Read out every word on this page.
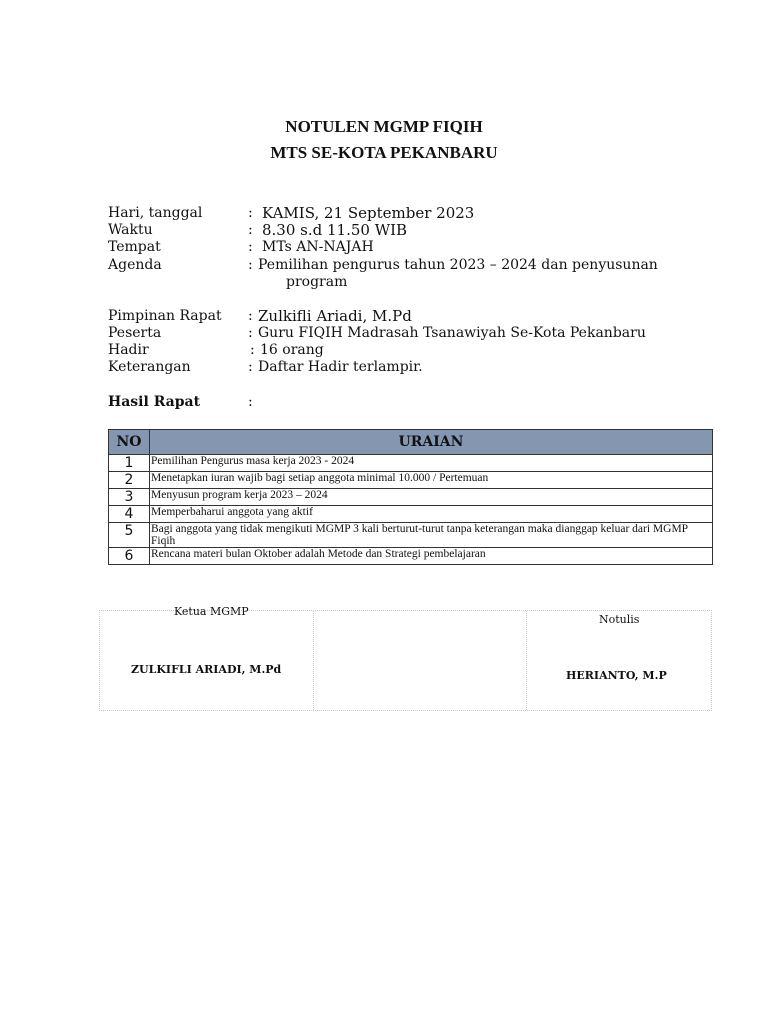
NOTULEN MGMP FIQIH
MTS SE-KOTA PEKANBARU
Hari, tanggal	: KAMIS, 21 September 2023
Waktu	: 8.30 s.d 11.50 WIB
Tempat	: MTs AN-NAJAH
Agenda	: Pemilihan pengurus tahun 2023 – 2024 dan penyusunan
program
Pimpinan Rapat : Zulkifli Ariadi, M.Pd
Peserta	: Guru FIQIH Madrasah Tsanawiyah Se-Kota Pekanbaru
Hadir	: 16 orang
Keterangan	: Daftar Hadir terlampir.
Hasil Rapat	:
NO	URAIAN
1	Pemilihan Pengurus masa kerja 2023 - 2024
2	Menetapkan iuran wajib bagi setiap anggota minimal 10.000 / Pertemuan
3	Menyusun program kerja 2023 – 2024
4	Memperbaharui anggota yang aktif
5	Bagi anggota yang tidak mengikuti MGMP 3 kali berturut-turut tanpa keterangan maka dianggap keluar dari MGMP Fiqih
6	Rencana materi bulan Oktober adalah Metode dan Strategi pembelajaran
Ketua MGMP
ZULKIFLI ARIADI, M.Pd
Notulis
HERIANTO, M.P
